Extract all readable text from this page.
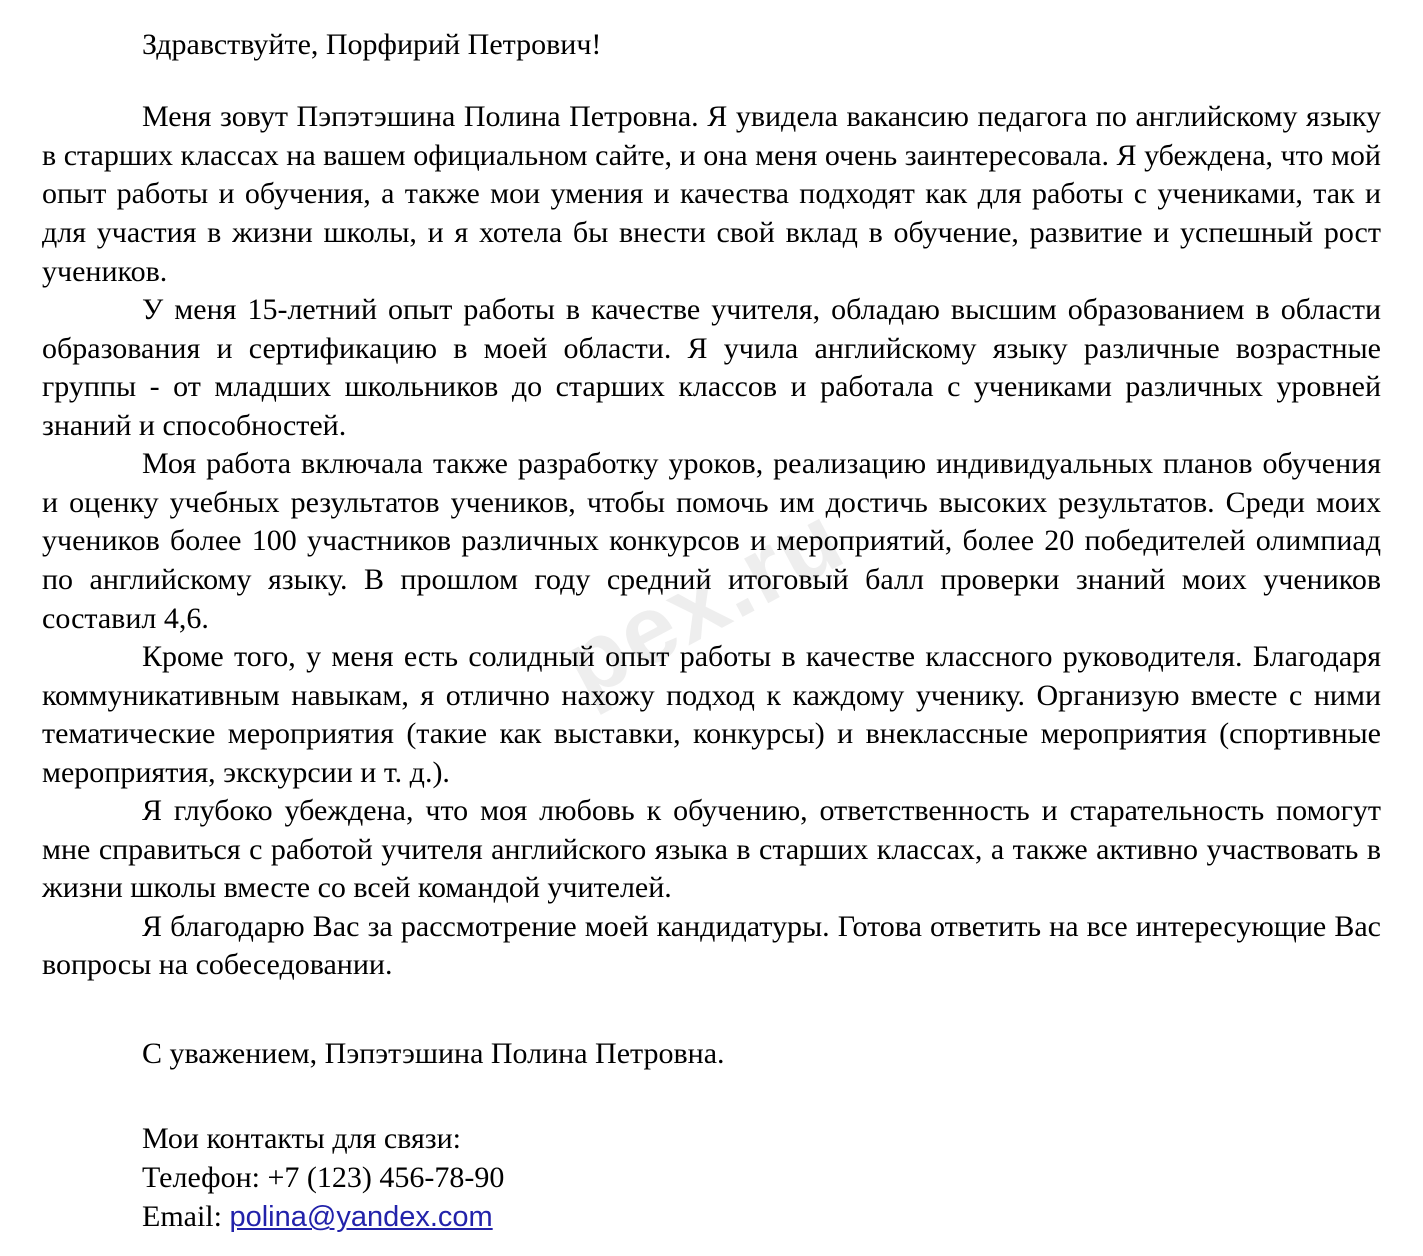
pex.ru

Здравствуйте, Порфирий Петрович!

Меня зовут Пэпэтэшина Полина Петровна. Я увидела вакансию педагога по английскому языку в старших классах на вашем официальном сайте, и она меня очень заинтересовала. Я убеждена, что мой опыт работы и обучения, а также мои умения и качества подходят как для работы с учениками, так и для участия в жизни школы, и я хотела бы внести свой вклад в обучение, развитие и успешный рост учеников.

У меня 15-летний опыт работы в качестве учителя, обладаю высшим образованием в области образования и сертификацию в моей области. Я учила английскому языку различные возрастные группы - от младших школьников до старших классов и работала с учениками различных уровней знаний и способностей.

Моя работа включала также разработку уроков, реализацию индивидуальных планов обучения и оценку учебных результатов учеников, чтобы помочь им достичь высоких результатов. Среди моих учеников более 100 участников различных конкурсов и мероприятий, более 20 победителей олимпиад по английскому языку. В прошлом году средний итоговый балл проверки знаний моих учеников составил 4,6.

Кроме того, у меня есть солидный опыт работы в качестве классного руководителя. Благодаря коммуникативным навыкам, я отлично нахожу подход к каждому ученику. Организую вместе с ними тематические мероприятия (такие как выставки, конкурсы) и внеклассные мероприятия (спортивные мероприятия, экскурсии и т. д.).

Я глубоко убеждена, что моя любовь к обучению, ответственность и старательность помогут мне справиться с работой учителя английского языка в старших классах, а также активно участвовать в жизни школы вместе со всей командой учителей.

Я благодарю Вас за рассмотрение моей кандидатуры. Готова ответить на все интересующие Вас вопросы на собеседовании.

С уважением, Пэпэтэшина Полина Петровна.

Мои контакты для связи:
Телефон: +7 (123) 456-78-90
Email: polina@yandex.com
